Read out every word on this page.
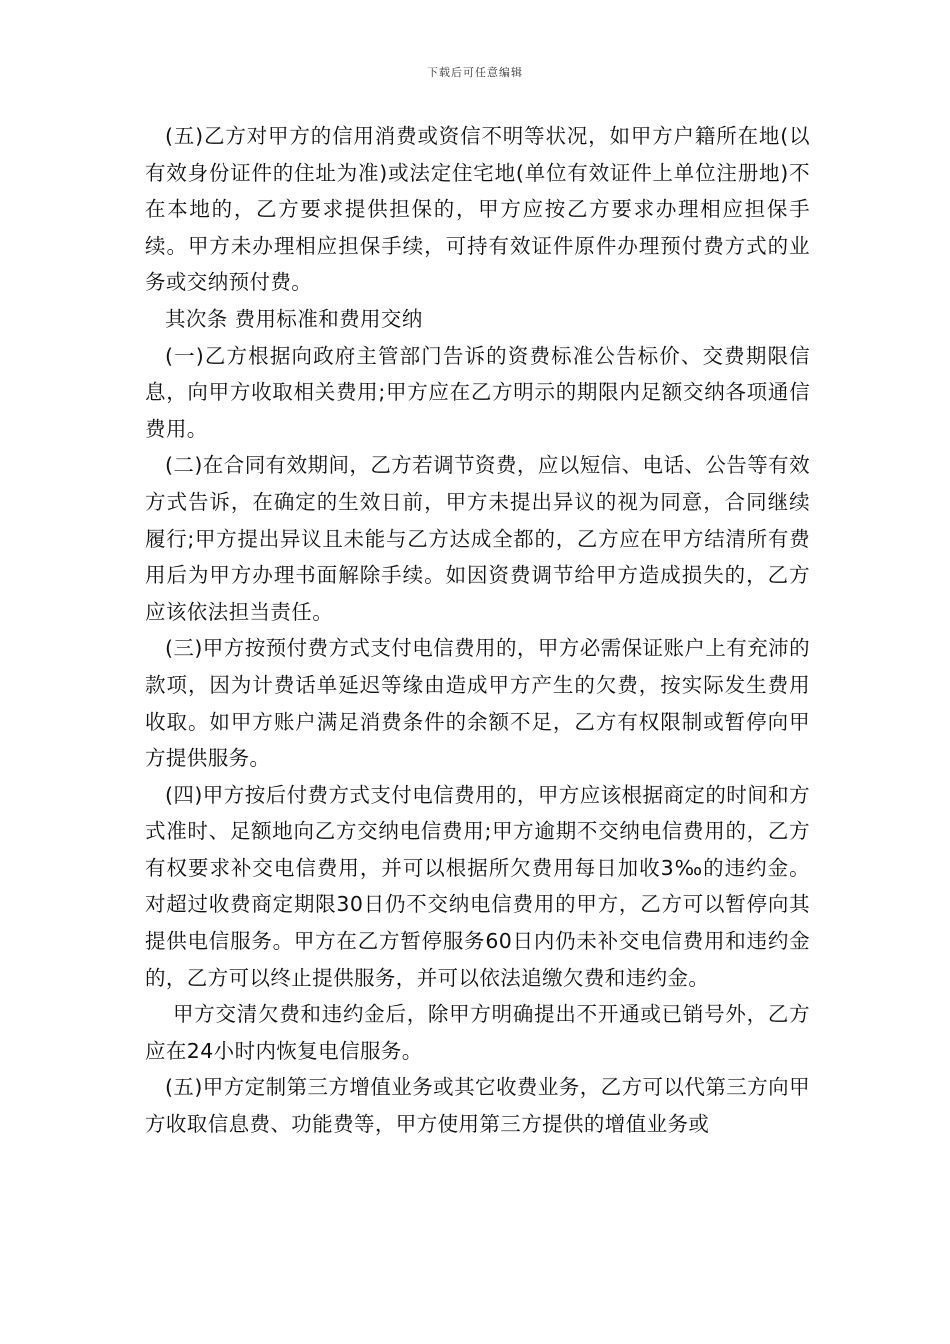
下载后可任意编辑

(五)乙方对甲方的信用消费或资信不明等状况，如甲方户籍所在地(以有效身份证件的住址为准)或法定住宅地(单位有效证件上单位注册地)不在本地的，乙方要求提供担保的，甲方应按乙方要求办理相应担保手续。甲方未办理相应担保手续，可持有效证件原件办理预付费方式的业务或交纳预付费。

其次条 费用标准和费用交纳

(一)乙方根据向政府主管部门告诉的资费标准公告标价、交费期限信息，向甲方收取相关费用;甲方应在乙方明示的期限内足额交纳各项通信费用。

(二)在合同有效期间，乙方若调节资费，应以短信、电话、公告等有效方式告诉，在确定的生效日前，甲方未提出异议的视为同意，合同继续履行;甲方提出异议且未能与乙方达成全都的，乙方应在甲方结清所有费用后为甲方办理书面解除手续。如因资费调节给甲方造成损失的，乙方应该依法担当责任。

(三)甲方按预付费方式支付电信费用的，甲方必需保证账户上有充沛的款项，因为计费话单延迟等缘由造成甲方产生的欠费，按实际发生费用收取。如甲方账户满足消费条件的余额不足，乙方有权限制或暂停向甲方提供服务。

(四)甲方按后付费方式支付电信费用的，甲方应该根据商定的时间和方式准时、足额地向乙方交纳电信费用;甲方逾期不交纳电信费用的，乙方有权要求补交电信费用，并可以根据所欠费用每日加收3‰的违约金。对超过收费商定期限30日仍不交纳电信费用的甲方，乙方可以暂停向其提供电信服务。甲方在乙方暂停服务60日内仍未补交电信费用和违约金的，乙方可以终止提供服务，并可以依法追缴欠费和违约金。

甲方交清欠费和违约金后，除甲方明确提出不开通或已销号外，乙方应在24小时内恢复电信服务。

(五)甲方定制第三方增值业务或其它收费业务，乙方可以代第三方向甲方收取信息费、功能费等，甲方使用第三方提供的增值业务或
